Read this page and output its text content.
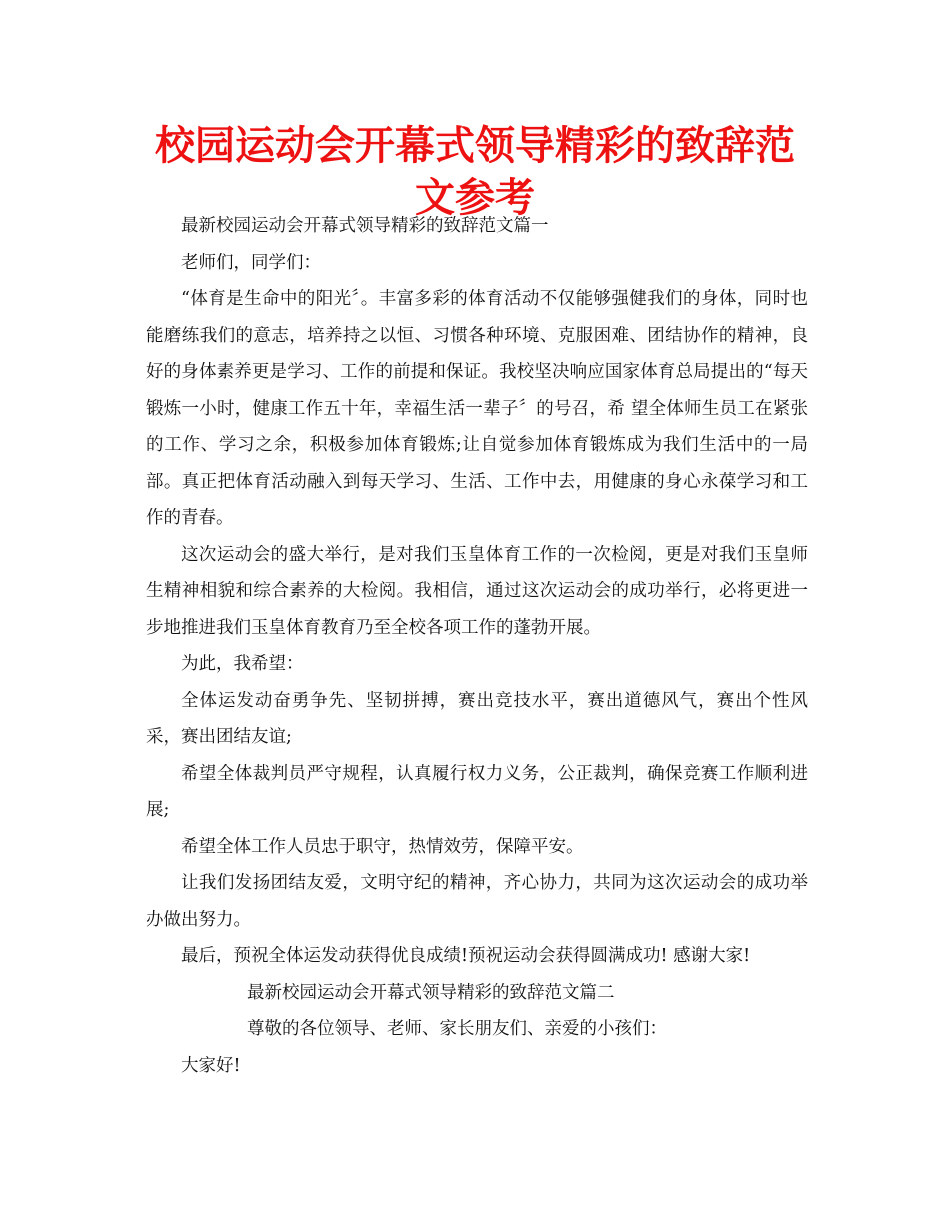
校园运动会开幕式领导精彩的致辞范文参考

最新校园运动会开幕式领导精彩的致辞范文篇一

老师们，同学们：

“体育是生命中的阳光〞。丰富多彩的体育活动不仅能够强健我们的身体，同时也能磨练我们的意志，培养持之以恒、习惯各种环境、克服困难、团结协作的精神，良好的身体素养更是学习、工作的前提和保证。我校坚决响应国家体育总局提出的“每天锻炼一小时，健康工作五十年，幸福生活一辈子〞的号召，希 望全体师生员工在紧张的工作、学习之余，积极参加体育锻炼;让自觉参加体育锻炼成为我们生活中的一局部。真正把体育活动融入到每天学习、生活、工作中去，用健康的身心永葆学习和工作的青春。

这次运动会的盛大举行，是对我们玉皇体育工作的一次检阅，更是对我们玉皇师生精神相貌和综合素养的大检阅。我相信，通过这次运动会的成功举行，必将更进一步地推进我们玉皇体育教育乃至全校各项工作的蓬勃开展。

为此，我希望：

全体运发动奋勇争先、坚韧拼搏，赛出竞技水平，赛出道德风气，赛出个性风采，赛出团结友谊;

希望全体裁判员严守规程，认真履行权力义务，公正裁判，确保竞赛工作顺利进展;

希望全体工作人员忠于职守，热情效劳，保障平安。

让我们发扬团结友爱，文明守纪的精神，齐心协力，共同为这次运动会的成功举办做出努力。

最后，预祝全体运发动获得优良成绩!预祝运动会获得圆满成功! 感谢大家!

最新校园运动会开幕式领导精彩的致辞范文篇二

尊敬的各位领导、老师、家长朋友们、亲爱的小孩们：

大家好!
